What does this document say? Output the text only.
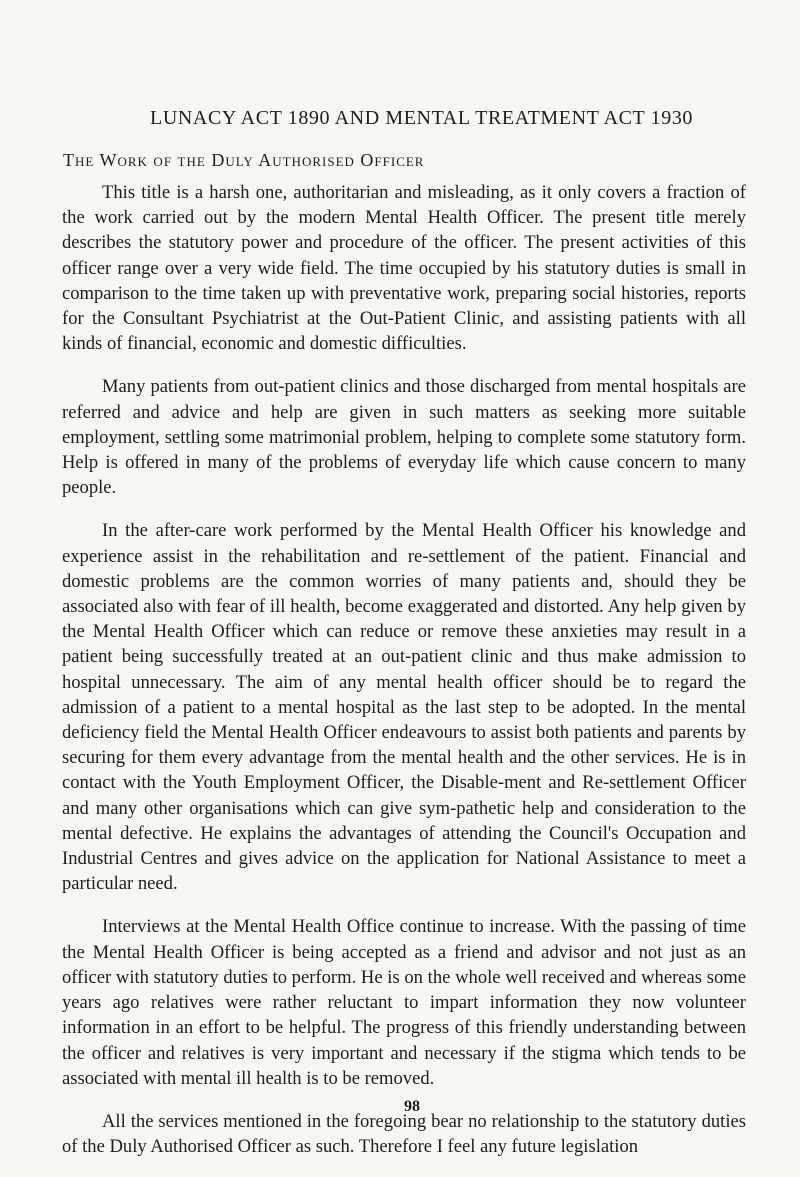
LUNACY ACT 1890 AND MENTAL TREATMENT ACT 1930
The Work of the Duly Authorised Officer

This title is a harsh one, authoritarian and misleading, as it only covers a fraction of the work carried out by the modern Mental Health Officer. The present title merely describes the statutory power and procedure of the officer. The present activities of this officer range over a very wide field. The time occupied by his statutory duties is small in comparison to the time taken up with preventative work, preparing social histories, reports for the Consultant Psychiatrist at the Out-Patient Clinic, and assisting patients with all kinds of financial, economic and domestic difficulties.

Many patients from out-patient clinics and those discharged from mental hospitals are referred and advice and help are given in such matters as seeking more suitable employment, settling some matrimonial problem, helping to complete some statutory form. Help is offered in many of the problems of everyday life which cause concern to many people.

In the after-care work performed by the Mental Health Officer his knowledge and experience assist in the rehabilitation and re-settlement of the patient. Financial and domestic problems are the common worries of many patients and, should they be associated also with fear of ill health, become exaggerated and distorted. Any help given by the Mental Health Officer which can reduce or remove these anxieties may result in a patient being successfully treated at an out-patient clinic and thus make admission to hospital unnecessary. The aim of any mental health officer should be to regard the admission of a patient to a mental hospital as the last step to be adopted. In the mental deficiency field the Mental Health Officer endeavours to assist both patients and parents by securing for them every advantage from the mental health and the other services. He is in contact with the Youth Employment Officer, the Disable-ment and Re-settlement Officer and many other organisations which can give sym-pathetic help and consideration to the mental defective. He explains the advantages of attending the Council's Occupation and Industrial Centres and gives advice on the application for National Assistance to meet a particular need.

Interviews at the Mental Health Office continue to increase. With the passing of time the Mental Health Officer is being accepted as a friend and advisor and not just as an officer with statutory duties to perform. He is on the whole well received and whereas some years ago relatives were rather reluctant to impart information they now volunteer information in an effort to be helpful. The progress of this friendly understanding between the officer and relatives is very important and necessary if the stigma which tends to be associated with mental ill health is to be removed.

All the services mentioned in the foregoing bear no relationship to the statutory duties of the Duly Authorised Officer as such. Therefore I feel any future legislation

98
